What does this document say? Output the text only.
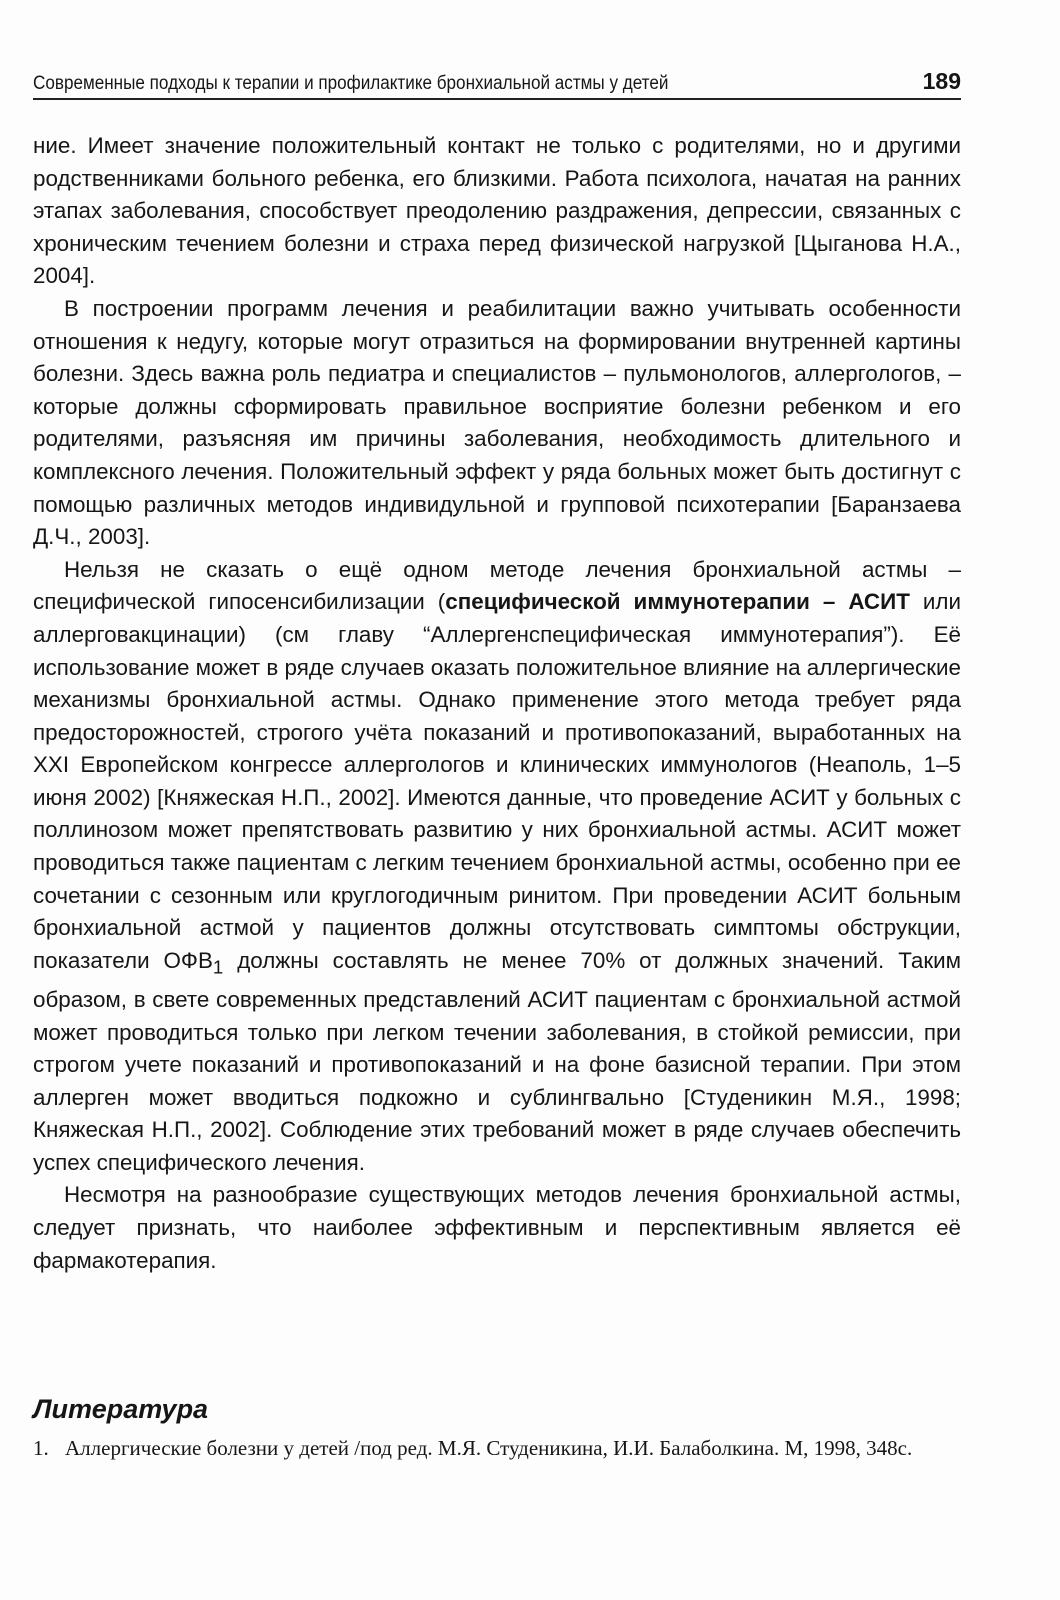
Современные подходы к терапии и профилактике бронхиальной астмы у детей	189

ние. Имеет значение положительный контакт не только с родителями, но и другими родственниками больного ребенка, его близкими. Работа психолога, начатая на ранних этапах заболевания, способствует преодолению раздражения, депрессии, связанных с хроническим течением болезни и страха перед физической нагрузкой [Цыганова Н.А., 2004].

В построении программ лечения и реабилитации важно учитывать особенности отношения к недугу, которые могут отразиться на формировании внутренней картины болезни. Здесь важна роль педиатра и специалистов – пульмонологов, аллергологов, – которые должны сформировать правильное восприятие болезни ребенком и его родителями, разъясняя им причины заболевания, необходимость длительного и комплексного лечения. Положительный эффект у ряда больных может быть достигнут с помощью различных методов индивидульной и групповой психотерапии [Баранзаева Д.Ч., 2003].

Нельзя не сказать о ещё одном методе лечения бронхиальной астмы – специфической гипосенсибилизации (специфической иммунотерапии – АСИТ или аллерговакцинации) (см главу “Аллергенспецифическая иммунотерапия”). Её использование может в ряде случаев оказать положительное влияние на аллергические механизмы бронхиальной астмы. Однако применение этого метода требует ряда предосторожностей, строгого учёта показаний и противопоказаний, выработанных на XXI Европейском конгрессе аллергологов и клинических иммунологов (Неаполь, 1–5 июня 2002) [Княжеская Н.П., 2002]. Имеются данные, что проведение АСИТ у больных с поллинозом может препятствовать развитию у них бронхиальной астмы. АСИТ может проводиться также пациентам с легким течением бронхиальной астмы, особенно при ее сочетании с сезонным или круглогодичным ринитом. При проведении АСИТ больным бронхиальной астмой у пациентов должны отсутствовать симптомы обструкции, показатели $ОФВ_1$ должны составлять не менее 70% от должных значений. Таким образом, в свете современных представлений АСИТ пациентам с бронхиальной астмой может проводиться только при легком течении заболевания, в стойкой ремиссии, при строгом учете показаний и противопоказаний и на фоне базисной терапии. При этом аллерген может вводиться подкожно и сублингвально [Студеникин М.Я., 1998; Княжеская Н.П., 2002]. Соблюдение этих требований может в ряде случаев обеспечить успех специфического лечения.

Несмотря на разнообразие существующих методов лечения бронхиальной астмы, следует признать, что наиболее эффективным и перспективным является её фармакотерапия.

Литература
1. Аллергические болезни у детей /под ред. М.Я. Студеникина, И.И. Балаболкина. М, 1998, 348с.
